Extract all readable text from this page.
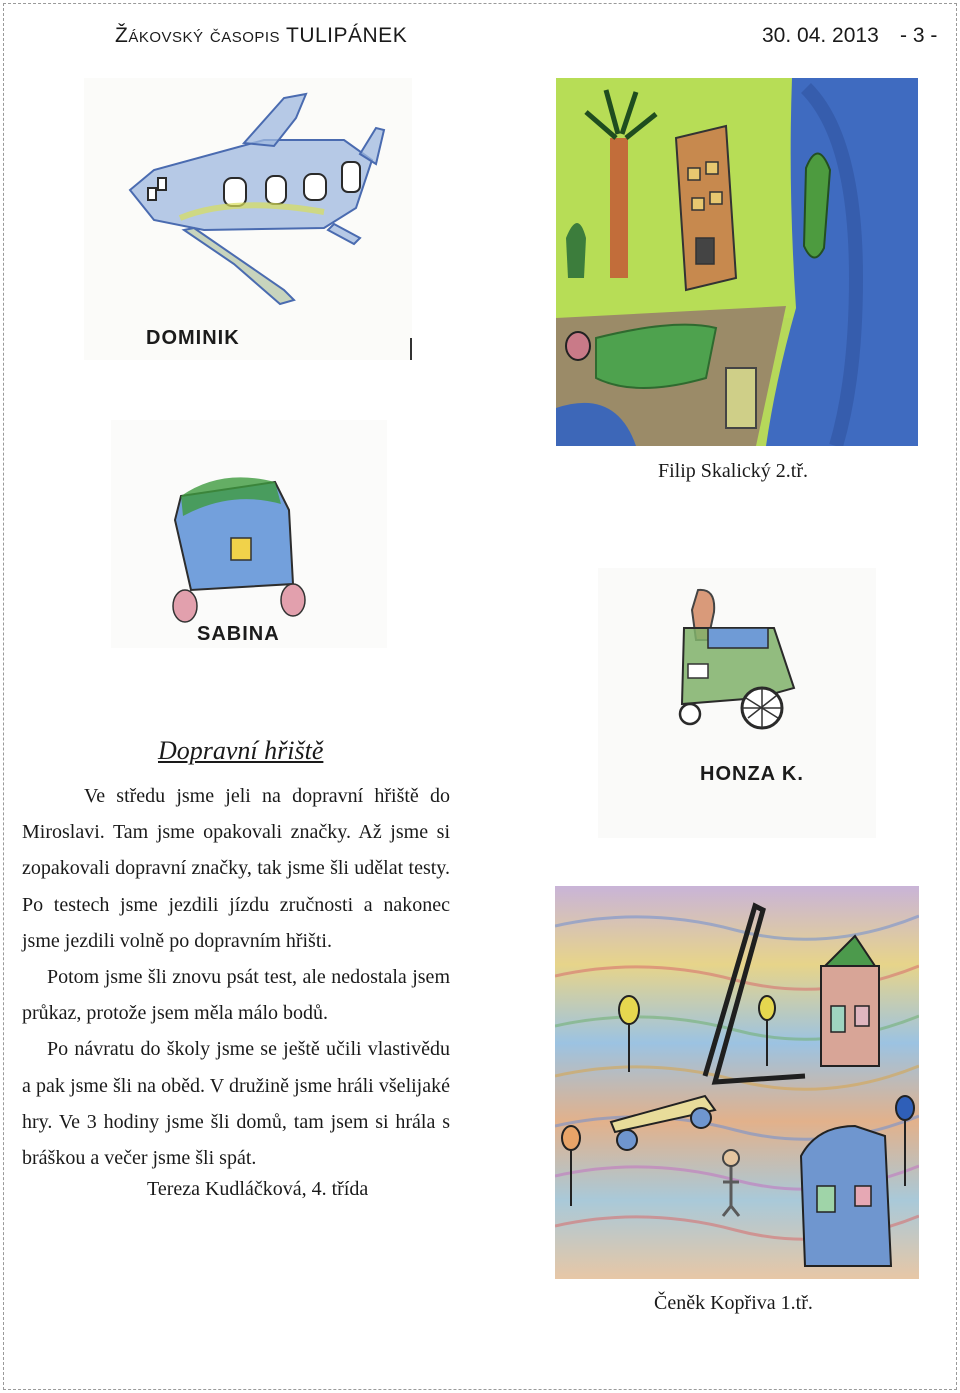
Žákovský časopis TULIPÁNEK	30. 04. 2013 - 3 -
DOMINIK
Filip Skalický 2.tř.
SABINA
HONZA K.
Dopravní hřiště

Ve středu jsme jeli na dopravní hřiště do Miroslavi. Tam jsme opakovali značky. Až jsme si zopakovali dopravní značky, tak jsme šli udělat testy. Po testech jsme jezdili jízdu zručnosti a nakonec jsme jezdili volně po dopravním hřišti.

Potom jsme šli znovu psát test, ale nedostala jsem průkaz, protože jsem měla málo bodů.

Po návratu do školy jsme se ještě učili vlastivědu a pak jsme šli na oběd. V družině jsme hráli všelijaké hry. Ve 3 hodiny jsme šli domů, tam jsem si hrála s bráškou a večer jsme šli spát.

Tereza Kudláčková, 4. třída
Čeněk Kopřiva 1.tř.
